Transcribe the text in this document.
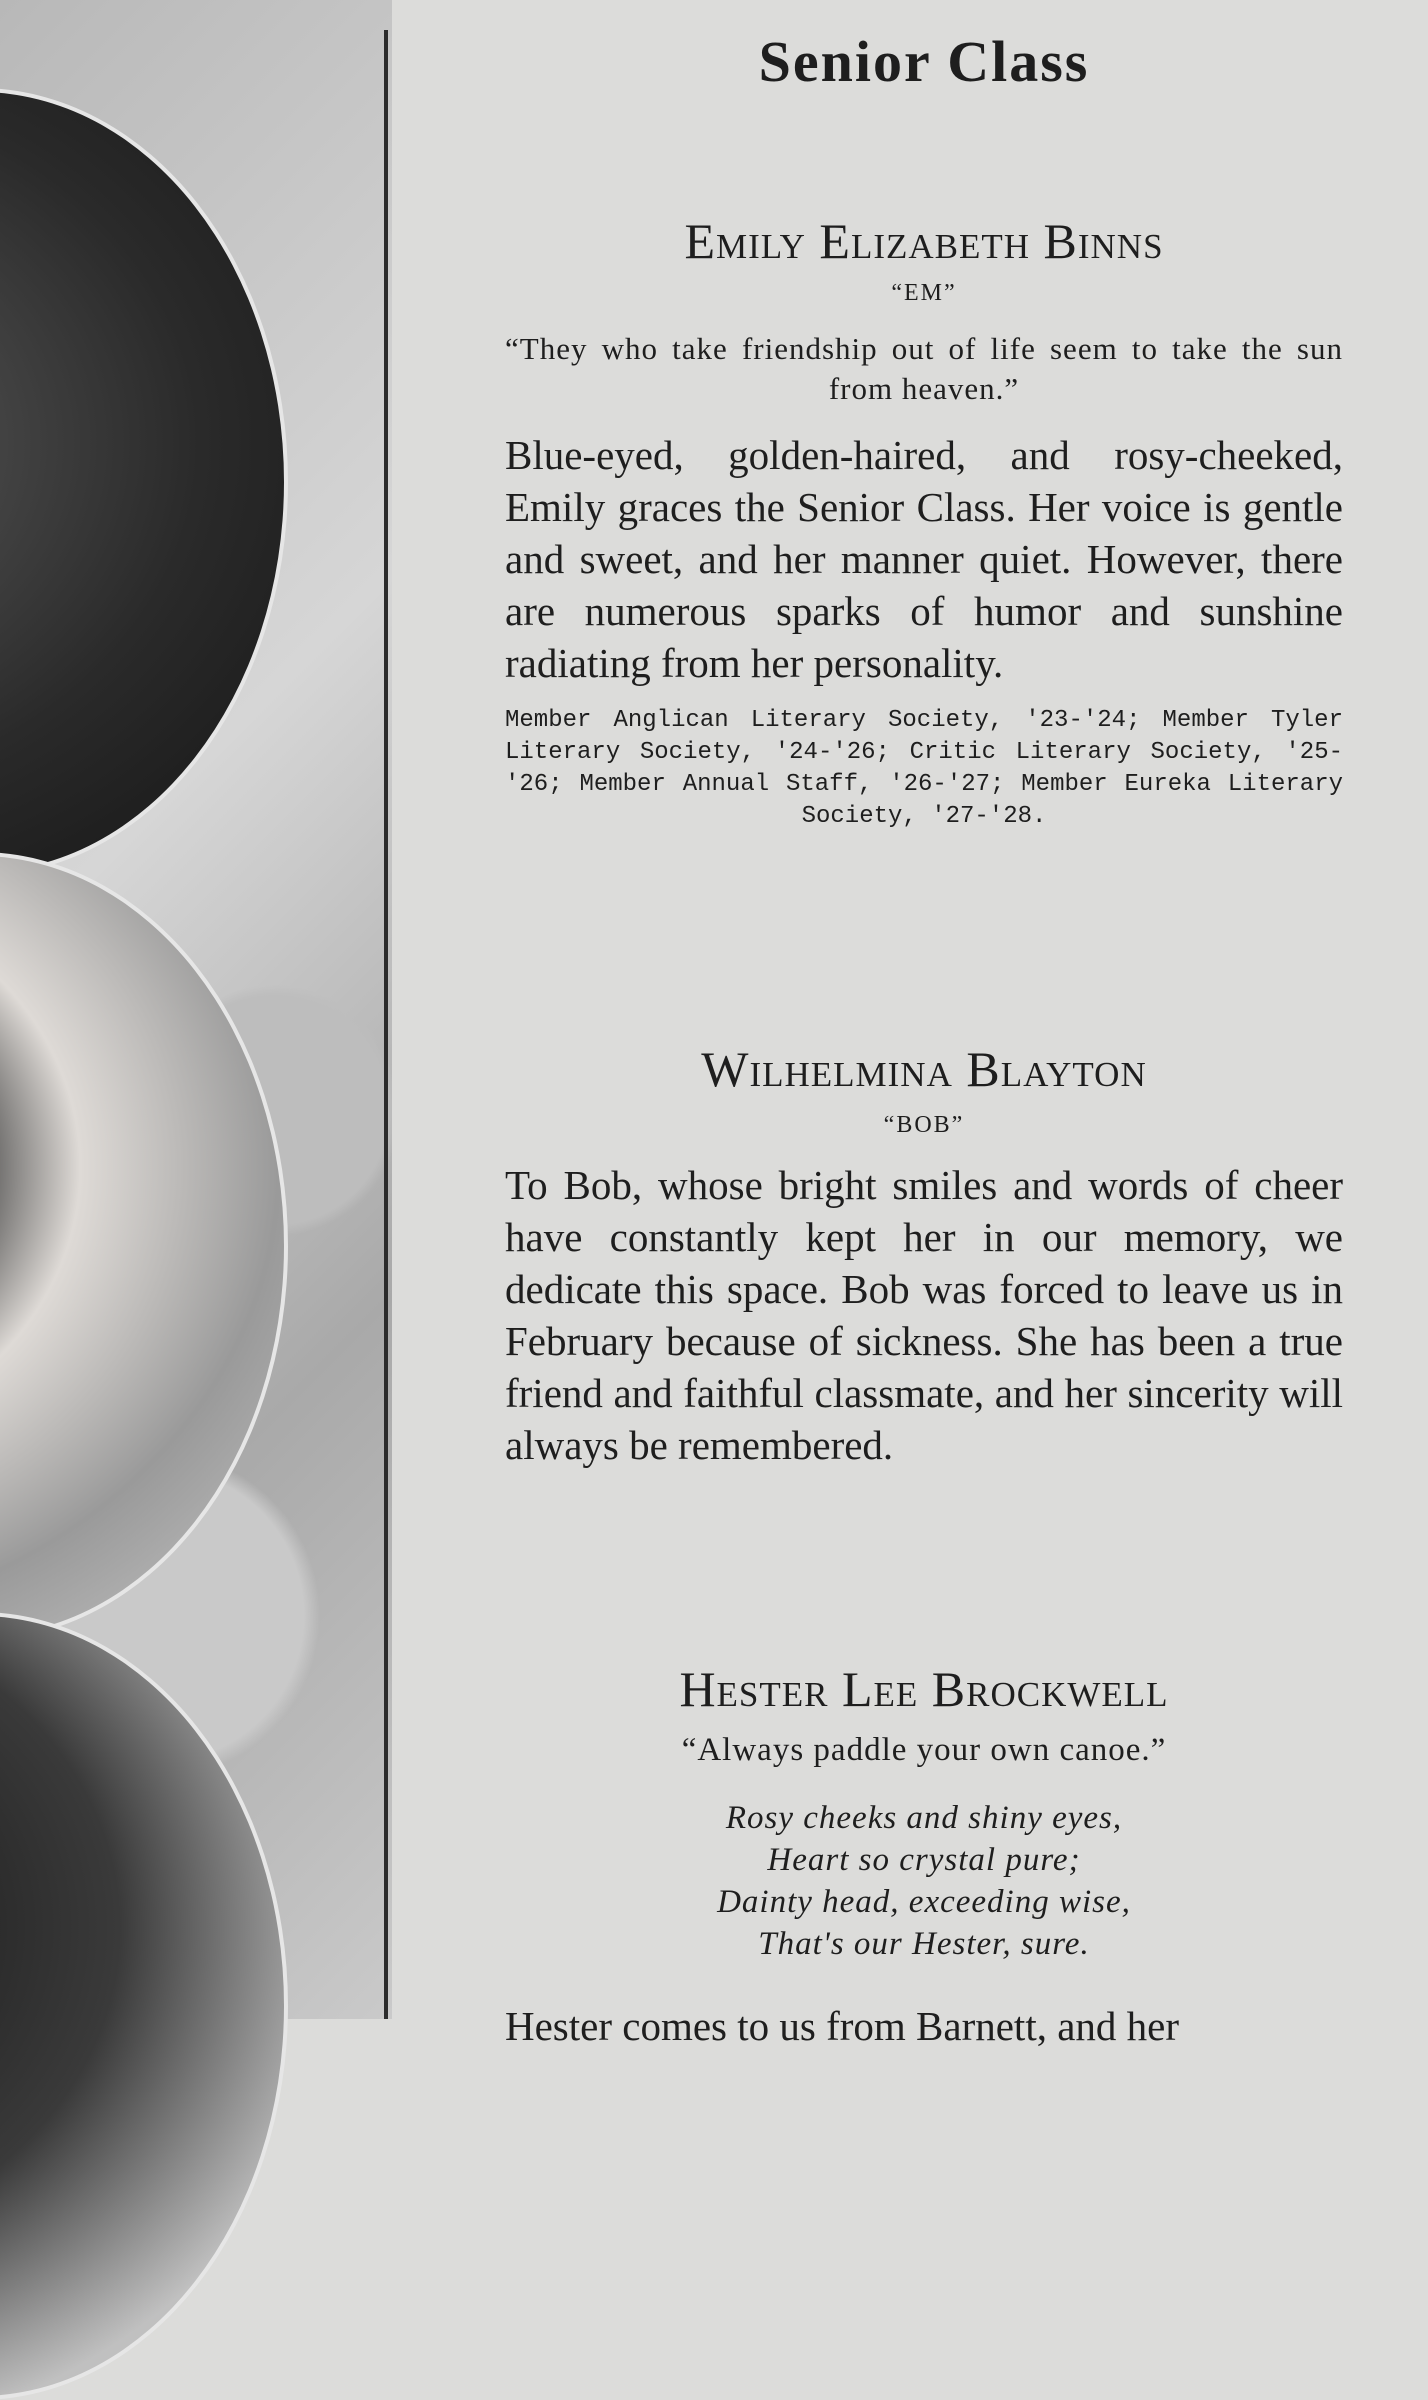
Senior Class
Emily Elizabeth Binns

“EM”

“They who take friendship out of life seem to take the sun from heaven.”

Blue-eyed, golden-haired, and rosy-cheeked, Emily graces the Senior Class. Her voice is gentle and sweet, and her manner quiet. However, there are numerous sparks of humor and sunshine radiating from her personality.

Member Anglican Literary Society, '23-'24; Member Tyler Literary Society, '24-'26; Critic Literary Society, '25-'26; Member Annual Staff, '26-'27; Member Eureka Literary Society, '27-'28.

Wilhelmina Blayton

“BOB”

To Bob, whose bright smiles and words of cheer have constantly kept her in our memory, we dedicate this space. Bob was forced to leave us in February because of sickness. She has been a true friend and faithful classmate, and her sincerity will always be remembered.

Hester Lee Brockwell

“Always paddle your own canoe.”

Rosy cheeks and shiny eyes,
Heart so crystal pure;
Dainty head, exceeding wise,
That's our Hester, sure.
Hester comes to us from Barnett, and her
